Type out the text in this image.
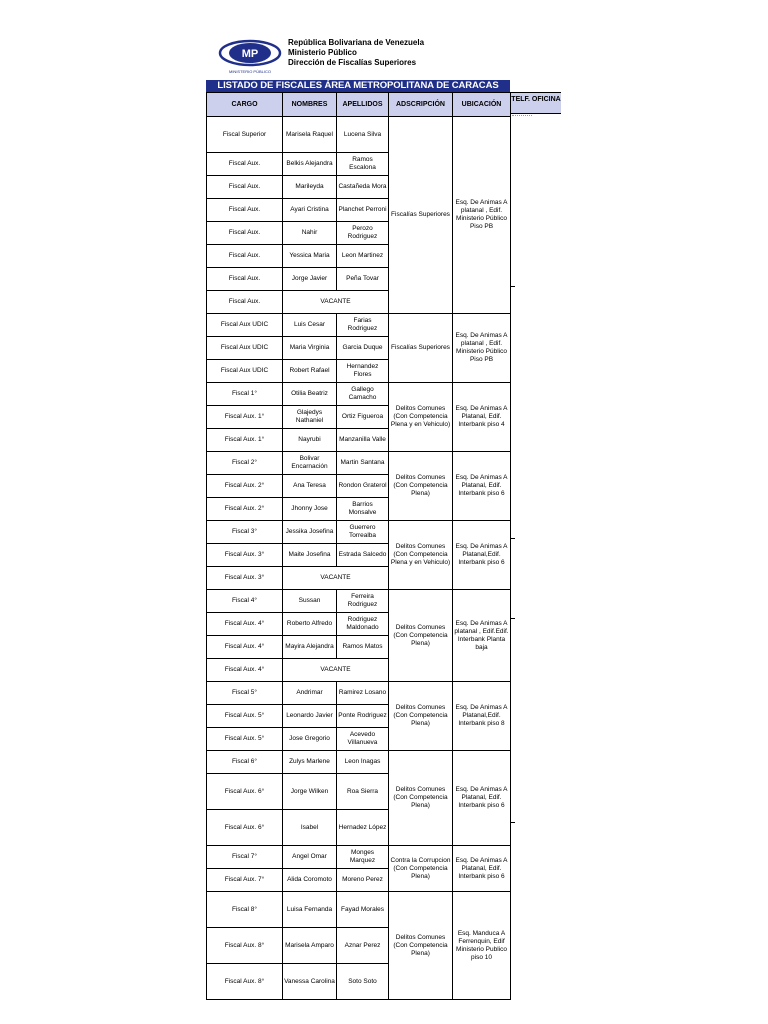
MP
MINISTERIO PÚBLICO
República Bolivariana de Venezuela
Ministerio Público
Dirección de Fiscalías Superiores
LISTADO DE FISCALES ÁREA METROPOLITANA DE CARACAS
CARGO	NOMBRES	APELLIDOS	ADSCRIPCIÓN	UBICACIÓN
Fiscal Superior	Marisela Raquel	Lucena Silva	Fiscalías Superiores	Esq. De Animas A platanal , Edif. Ministerio Público Piso PB
Fiscal Aux.	Belkis Alejandra	Ramos Escalona		
Fiscal Aux.	Marileyda	Castañeda Mora		
Fiscal Aux.	Ayari Cristina	Planchet Perroni		
Fiscal Aux.	Nahir	Perozo Rodriguez		
Fiscal Aux.	Yessica Maria	Leon Martinez		
Fiscal Aux.	Jorge Javier	Peña Tovar		
Fiscal Aux.	VACANTE			
Fiscal Aux UDIC	Luis Cesar	Farias Rodriguez	Fiscalías Superiores	Esq. De Animas A platanal , Edif. Ministerio Público Piso PB
Fiscal Aux UDIC	Maria Virginia	Garcia Duque		
Fiscal Aux UDIC	Robert Rafael	Hernandez Flores		
Fiscal 1°	Otilia Beatriz	Gallego Camacho	Delitos Comunes (Con Competencia Plena y en Vehiculo)	Esq. De Animas A Platanal, Edif. Interbank piso 4
Fiscal Aux. 1°	Glajedys Nathaniel	Ortiz Figueroa		
Fiscal Aux. 1°	Nayrubi	Manzanilla Valle		
Fiscal 2°	Bolivar Encarnación	Martin Santana	Delitos Comunes (Con Competencia Plena)	Esq. De Animas A Platanal, Edif. Interbank piso 6
Fiscal Aux. 2°	Ana Teresa	Rondon Graterol		
Fiscal Aux. 2°	Jhonny Jose	Barrios Monsalve		
Fiscal 3°	Jessika Josefina	Guerrero Torrealba	Delitos Comunes (Con Competencia Plena y en Vehiculo)	Esq. De Animas A Platanal,Edif. Interbank piso 6
Fiscal Aux. 3°	Maite Josefina	Estrada Salcedo		
Fiscal Aux. 3°	VACANTE			
Fiscal 4°	Sussan	Ferreira Rodriguez	Delitos Comunes (Con Competencia Plena)	Esq. De Animas A platanal , Edif.Edif. Interbank Planta baja
Fiscal Aux. 4°	Roberto Alfredo	Rodriguez Maldonado		
Fiscal Aux. 4°	Mayira Alejandra	Ramos Matos		
Fiscal Aux. 4°	VACANTE			
Fiscal 5°	Andrimar	Ramirez Losano	Delitos Comunes (Con Competencia Plena)	Esq. De Animas A Platanal,Edif. Interbank piso 8
Fiscal Aux. 5°	Leonardo Javier	Ponte Rodriguez		
Fiscal Aux. 5°	Jose Gregorio	Acevedo Villanueva		
Fiscal 6°	Zulys Marlene	Leon Inagas	Delitos Comunes (Con Competencia Plena)	Esq. De Animas A Platanal, Edif. Interbank piso 6
Fiscal Aux. 6°	Jorge Wilken	Roa Sierra		
Fiscal Aux. 6°	Isabel	Hernadez López		
Fiscal 7°	Angel Omar	Monges Marquez	Contra la Corrupcion (Con Competencia Plena)	Esq. De Animas A Platanal, Edif. Interbank piso 6
Fiscal Aux. 7°	Alida Coromoto	Moreno Perez		
Fiscal 8°	Luisa Fernanda	Fayad Morales	Delitos Comunes (Con Competencia Plena)	Esq. Manduca A Ferrenquin, Edif Ministerio Publico piso 10
Fiscal Aux. 8°	Marisela Amparo	Aznar Perez		
Fiscal Aux. 8°	Vanessa Carolina	Soto Soto		
TELF. OFICINA
